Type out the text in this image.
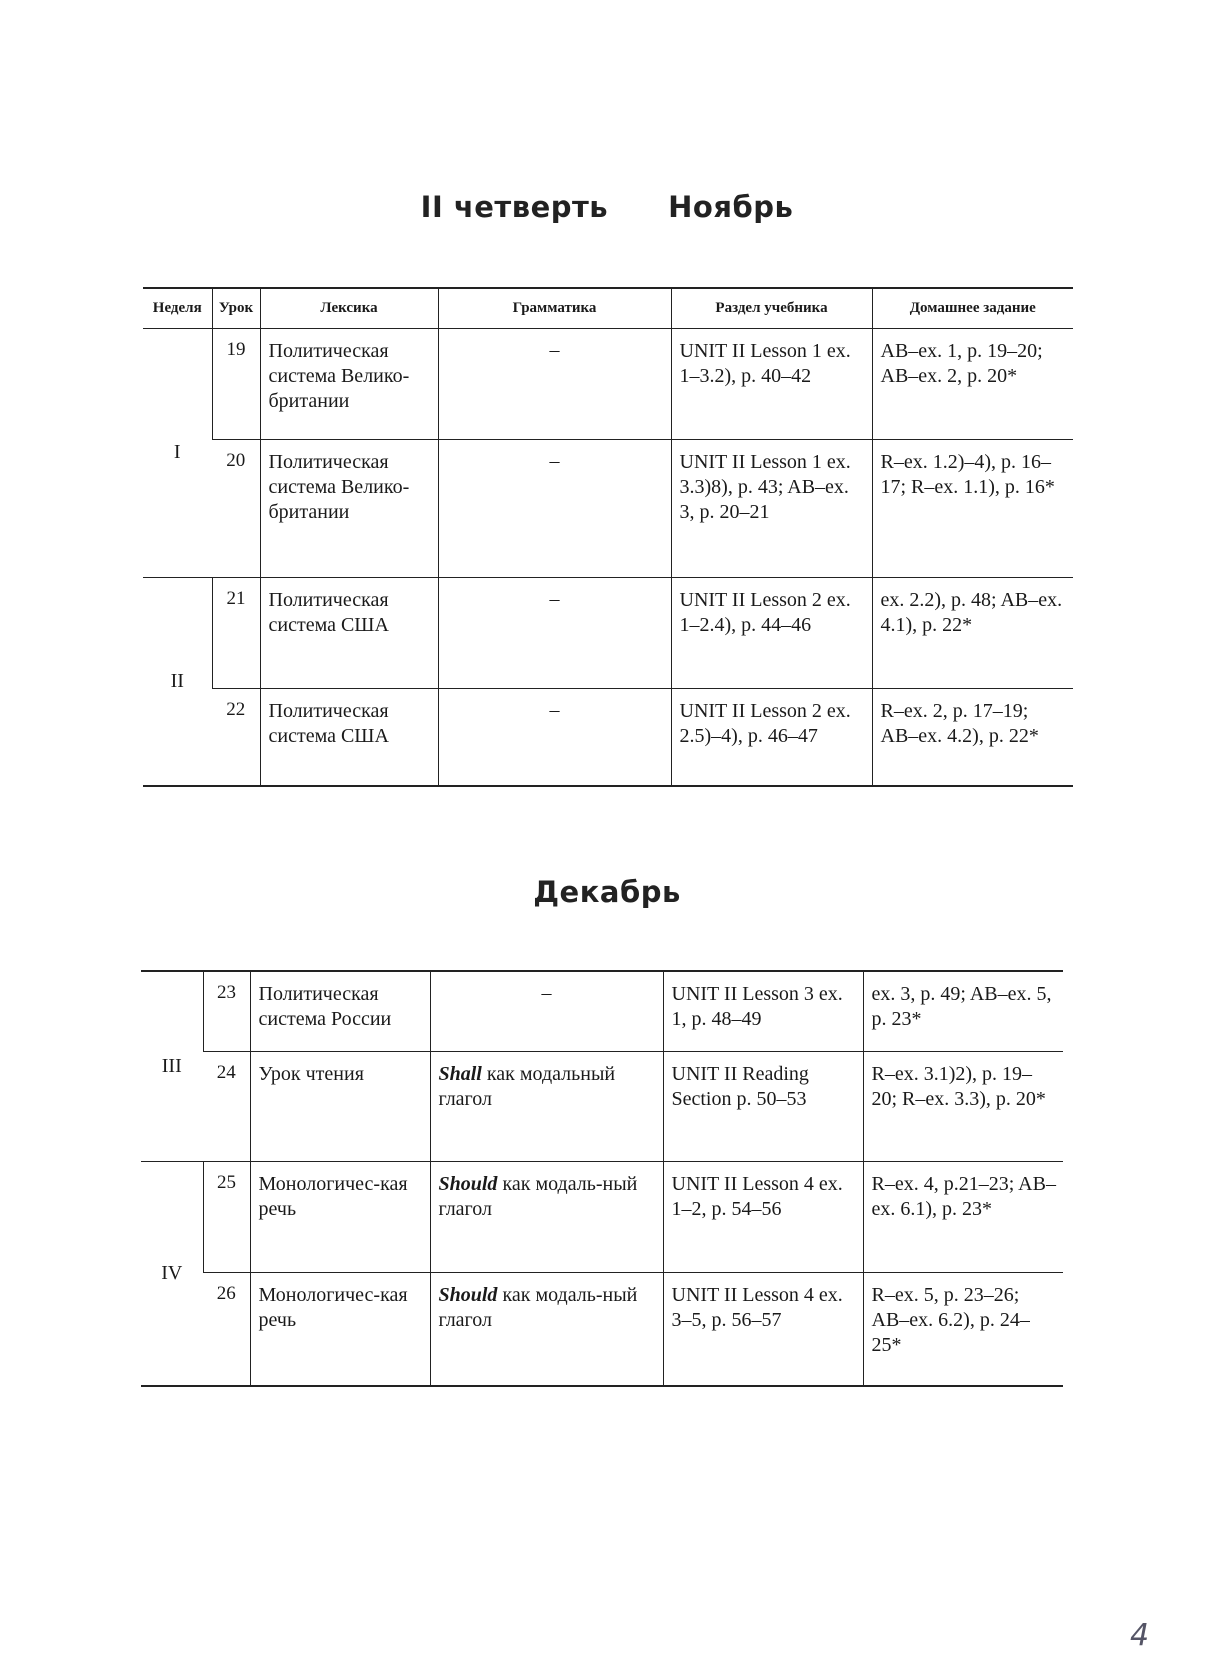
II четверть Ноябрь
Неделя	Урок	Лексика	Грамматика	Раздел учебника	Домашнее задание
I	19	Политическая система Велико-британии	–	UNIT II Lesson 1 ex. 1–3.2), p. 40–42	AB–ex. 1, p. 19–20; AB–ex. 2, p. 20*
	20	Политическая система Велико-британии	–	UNIT II Lesson 1 ex. 3.3)8), p. 43; AB–ex. 3, p. 20–21	R–ex. 1.2)–4), p. 16–17; R–ex. 1.1), p. 16*
II	21	Политическая система США	–	UNIT II Lesson 2 ex. 1–2.4), p. 44–46	ex. 2.2), p. 48; AB–ex. 4.1), p. 22*
	22	Политическая система США	–	UNIT II Lesson 2 ex. 2.5)–4), p. 46–47	R–ex. 2, p. 17–19; AB–ex. 4.2), p. 22*
Декабрь
III	23	Политическая система России	–	UNIT II Lesson 3 ex. 1, p. 48–49	ex. 3, p. 49; AB–ex. 5, p. 23*
	24	Урок чтения	Shall как модальный глагол	UNIT II Reading Section p. 50–53	R–ex. 3.1)2), p. 19–20; R–ex. 3.3), p. 20*
IV	25	Монологичес-кая речь	Should как модаль-ный глагол	UNIT II Lesson 4 ex. 1–2, p. 54–56	R–ex. 4, p.21–23; AB–ex. 6.1), p. 23*
	26	Монологичес-кая речь	Should как модаль-ный глагол	UNIT II Lesson 4 ex. 3–5, p. 56–57	R–ex. 5, p. 23–26; AB–ex. 6.2), p. 24–25*
4
